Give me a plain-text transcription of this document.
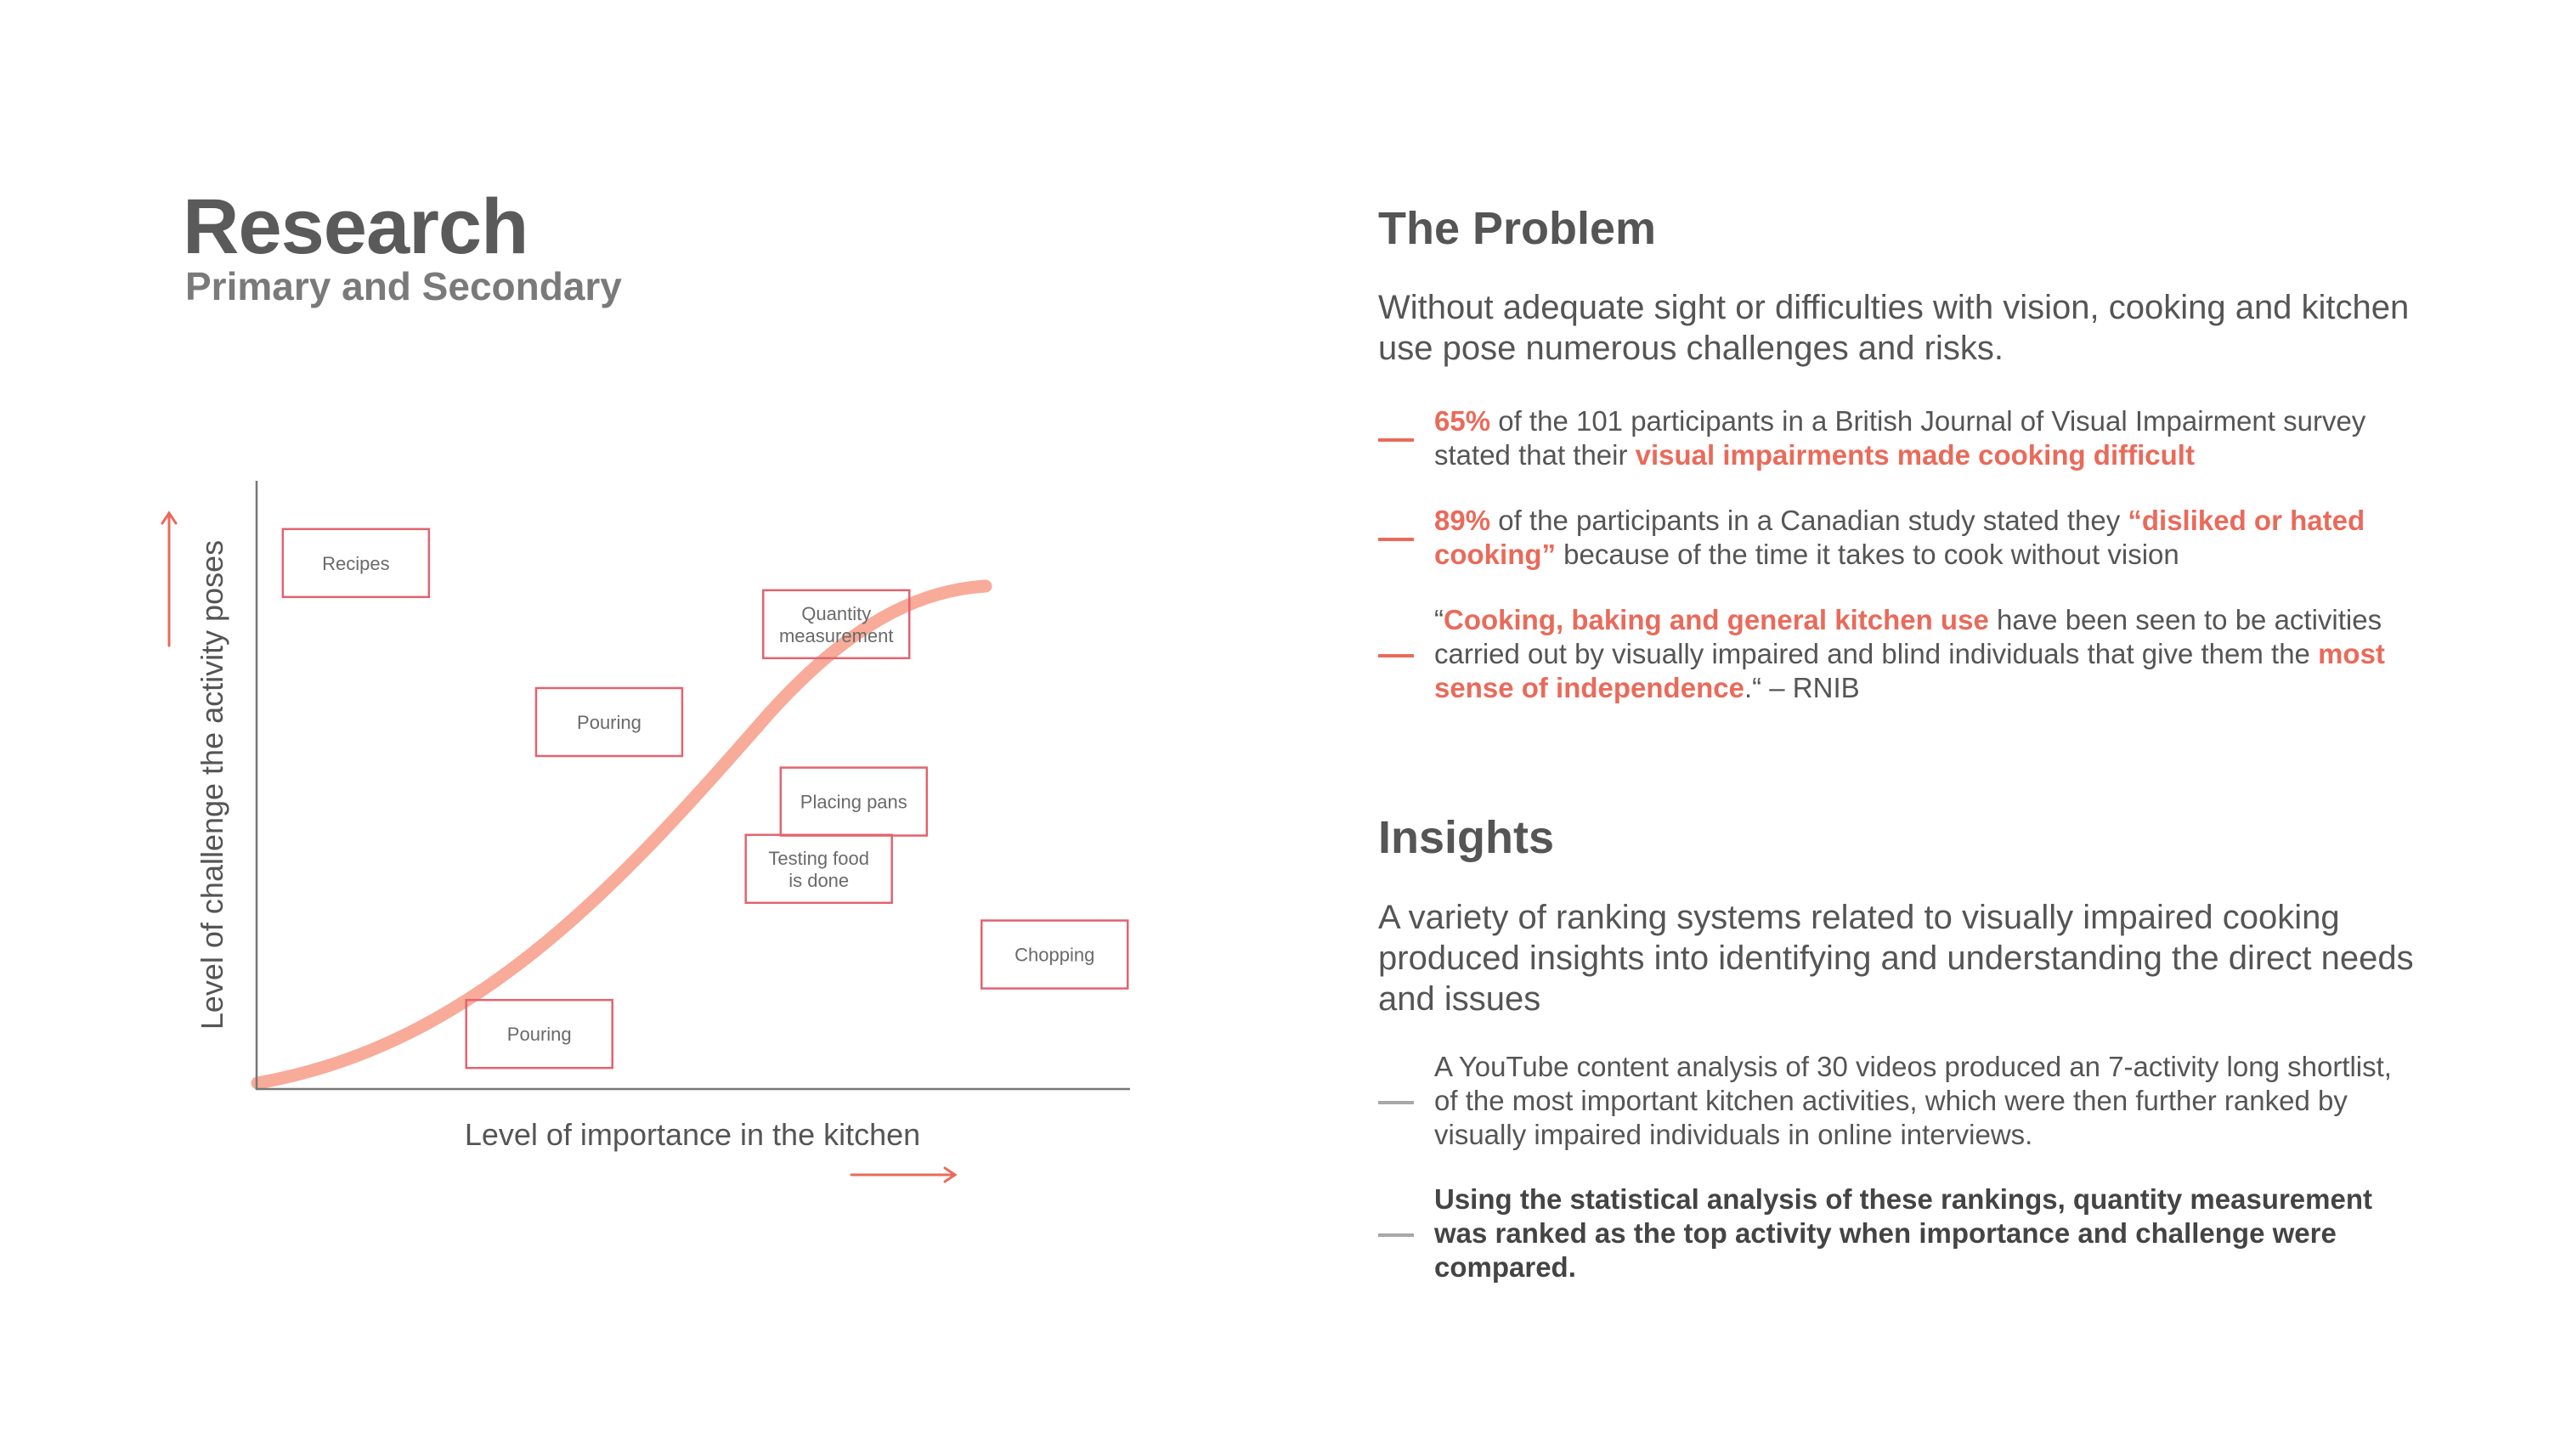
Research
Primary and Secondary
Level of challenge the activity poses
Level of importance in the kitchen
Recipes
Quantity
measurement
Pouring
Placing pans
Testing food
is done
Chopping
Pouring
The Problem
Without adequate sight or difficulties with vision, cooking and kitchen use pose numerous challenges and risks.
65% of the 101 participants in a British Journal of Visual Impairment survey stated that their visual impairments made cooking difficult
89% of the participants in a Canadian study stated they “disliked or hated cooking” because of the time it takes to cook without vision
“Cooking, baking and general kitchen use have been seen to be activities carried out by visually impaired and blind individuals that give them the most sense of independence.“ – RNIB
Insights
A variety of ranking systems related to visually impaired cooking produced insights into identifying and understanding the direct needs and issues
A YouTube content analysis of 30 videos produced an 7-activity long shortlist, of the most important kitchen activities, which were then further ranked by visually impaired individuals in online interviews.
Using the statistical analysis of these rankings, quantity measurement was ranked as the top activity when importance and challenge were compared.
